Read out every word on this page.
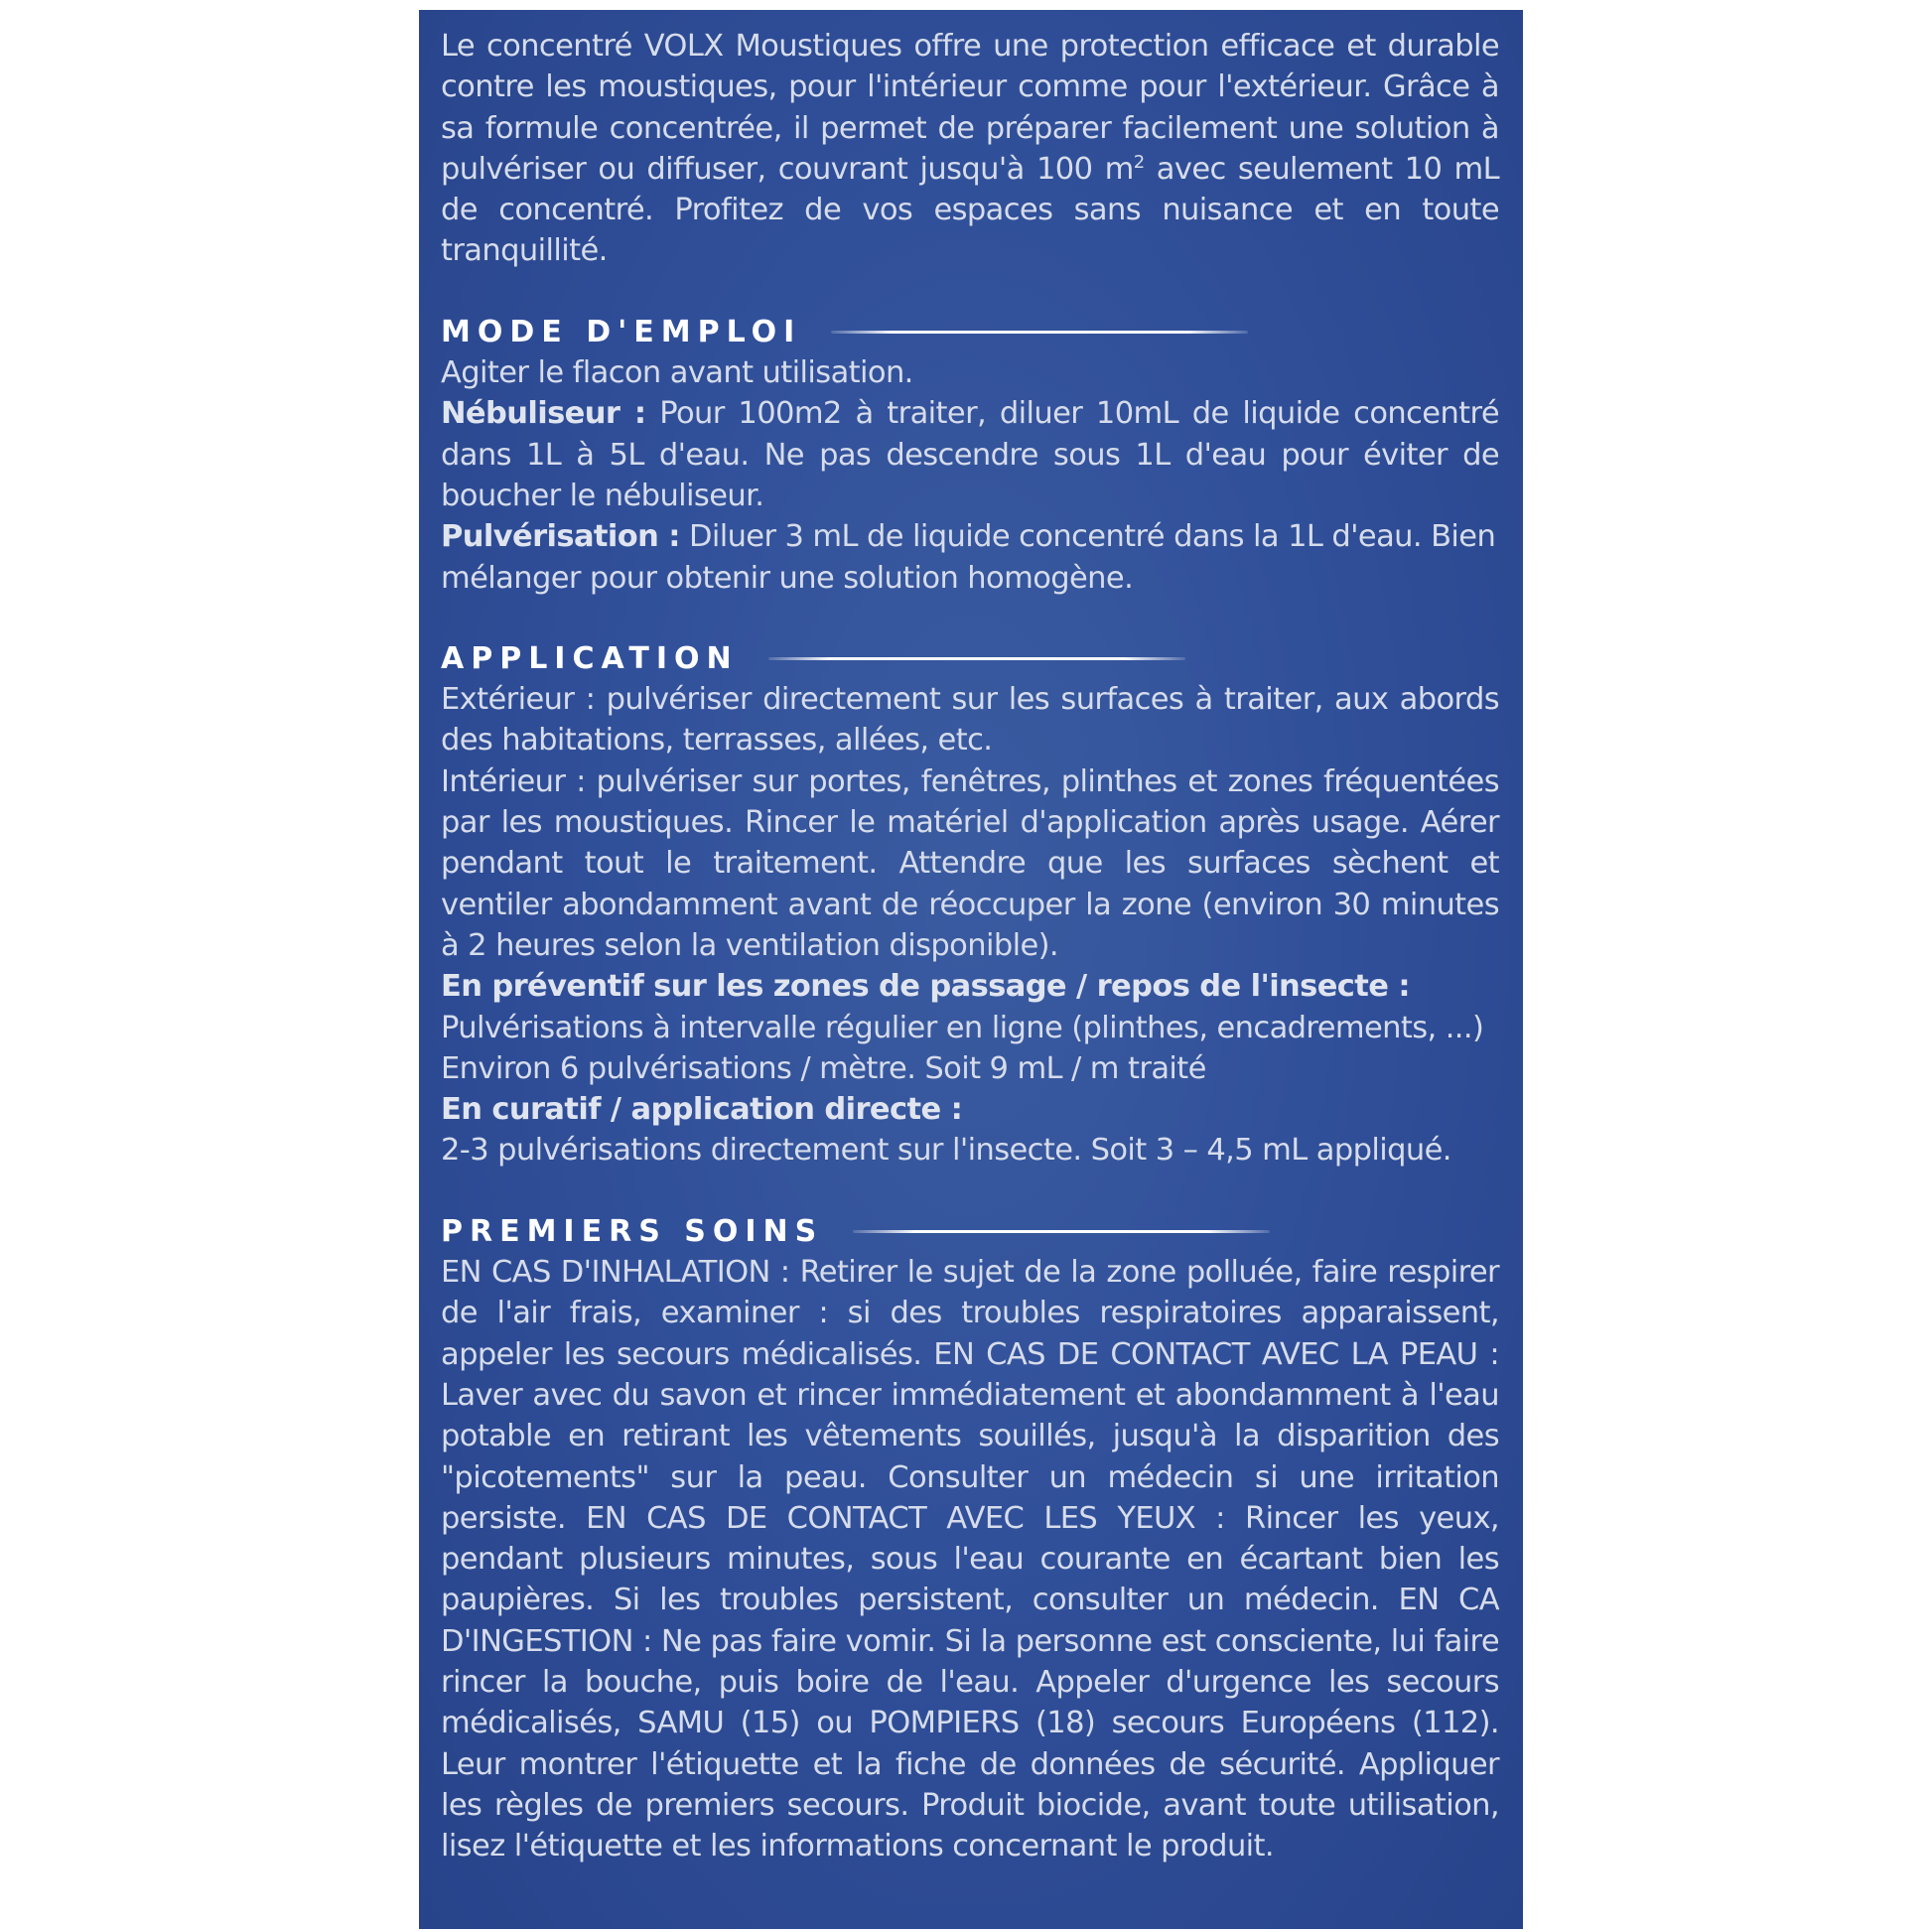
Le concentré VOLX Moustiques offre une protection efficace et durable contre les moustiques, pour l'intérieur comme pour l'extérieur. Grâce à sa formule concentrée, il permet de préparer facilement une solution à pulvériser ou diffuser, couvrant jusqu'à 100 $m^2$ avec seulement 10 mL de concentré. Profitez de vos espaces sans nuisance et en toute tranquillité.

MODE D'EMPLOI

Agiter le flacon avant utilisation.

Nébuliseur : Pour 100m2 à traiter, diluer 10mL de liquide concentré dans 1L à 5L d'eau. Ne pas descendre sous 1L d'eau pour éviter de boucher le nébuliseur.

Pulvérisation : Diluer 3 mL de liquide concentré dans la 1L d'eau. Bien mélanger pour obtenir une solution homogène.

APPLICATION

Extérieur : pulvériser directement sur les surfaces à traiter, aux abords des habitations, terrasses, allées, etc.

Intérieur : pulvériser sur portes, fenêtres, plinthes et zones fréquentées par les moustiques. Rincer le matériel d'application après usage. Aérer pendant tout le traitement. Attendre que les surfaces sèchent et ventiler abondamment avant de réoccuper la zone (environ 30 minutes à 2 heures selon la ventilation disponible).

En préventif sur les zones de passage / repos de l'insecte :

Pulvérisations à intervalle régulier en ligne (plinthes, encadrements, ...) Environ 6 pulvérisations / mètre. Soit 9 mL / m traité

En curatif / application directe :

2-3 pulvérisations directement sur l'insecte. Soit 3 – 4,5 mL appliqué.

PREMIERS SOINS

EN CAS D'INHALATION : Retirer le sujet de la zone polluée, faire respirer de l'air frais, examiner : si des troubles respiratoires apparaissent, appeler les secours médicalisés. EN CAS DE CONTACT AVEC LA PEAU : Laver avec du savon et rincer immédiatement et abondamment à l'eau potable en retirant les vêtements souillés, jusqu'à la disparition des "picotements" sur la peau. Consulter un médecin si une irritation persiste. EN CAS DE CONTACT AVEC LES YEUX : Rincer les yeux, pendant plusieurs minutes, sous l'eau courante en écartant bien les paupières. Si les troubles persistent, consulter un médecin. EN CA D'INGESTION : Ne pas faire vomir. Si la personne est consciente, lui faire rincer la bouche, puis boire de l'eau. Appeler d'urgence les secours médicalisés, SAMU (15) ou POMPIERS (18) secours Européens (112). Leur montrer l'étiquette et la fiche de données de sécurité. Appliquer les règles de premiers secours. Produit biocide, avant toute utilisation, lisez l'étiquette et les informations concernant le produit.
